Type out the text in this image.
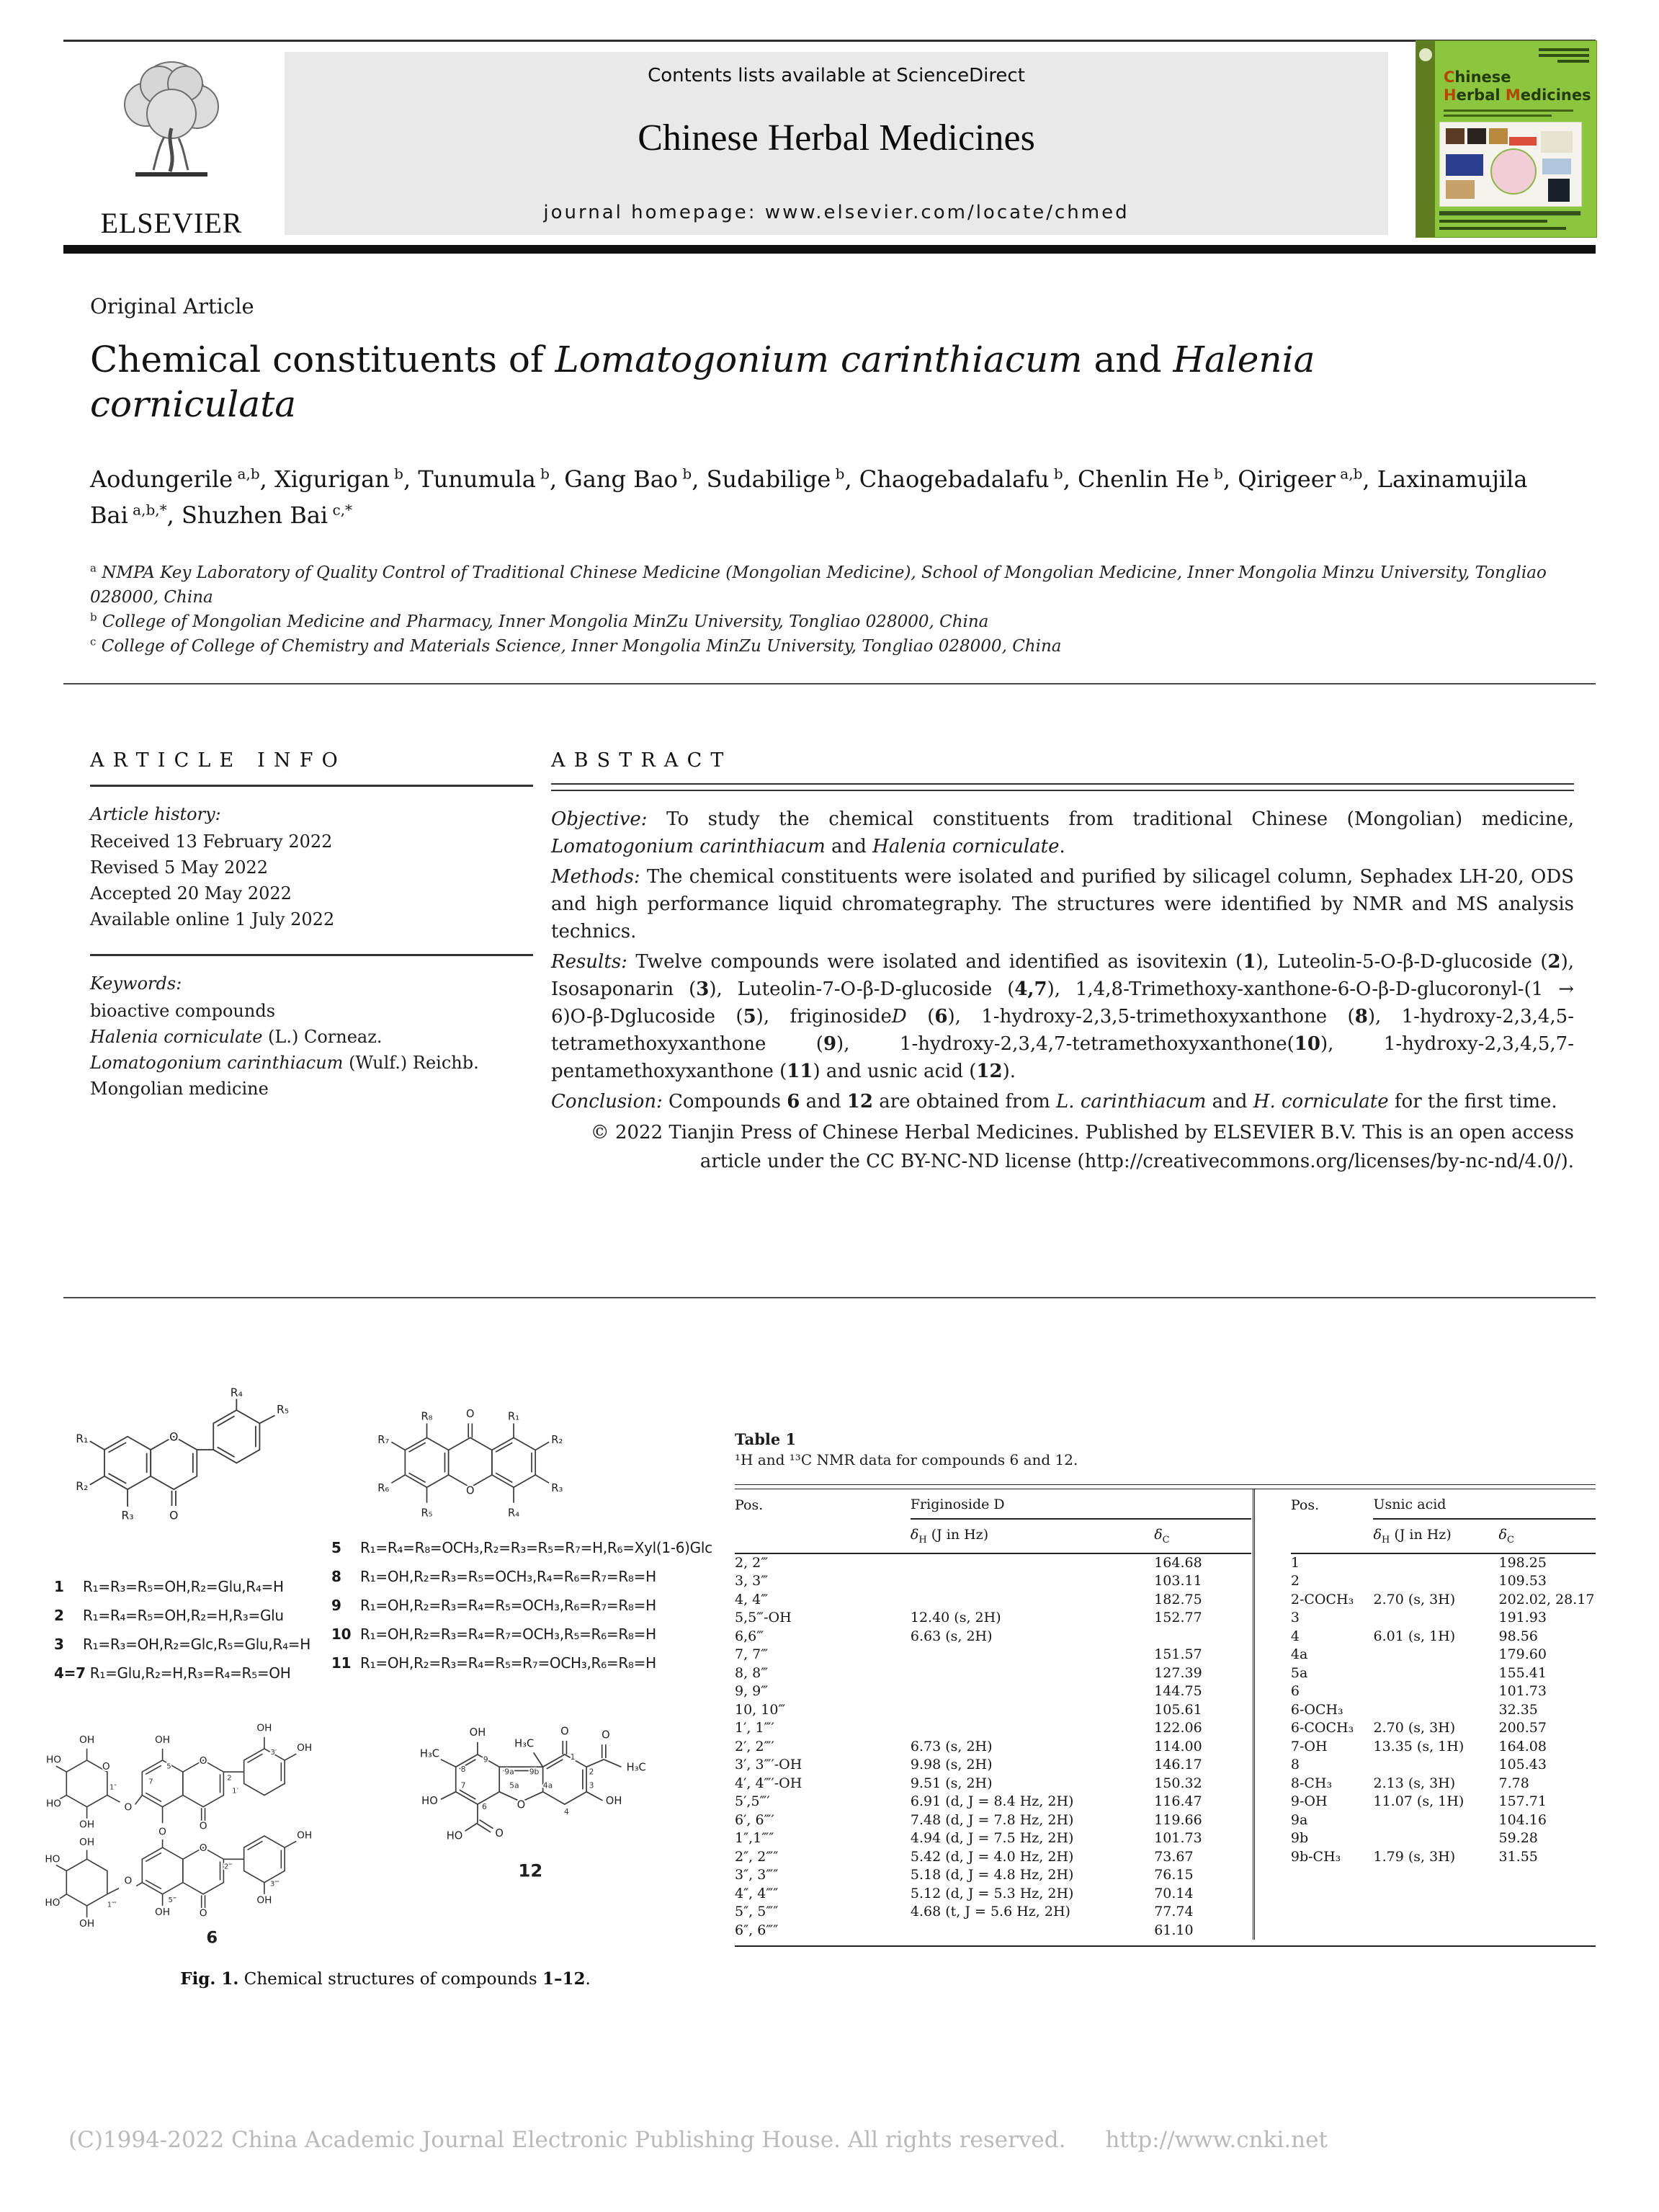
ELSEVIER
Contents lists available at ScienceDirect
Chinese Herbal Medicines
journal homepage: www.elsevier.com/locate/chmed
Chinese
Herbal Medicines
Original Article
Chemical constituents of Lomatogonium carinthiacum and Halenia corniculata
Aodungerile $^{a,b}$, Xigurigan $^b$, Tunumula $^b$, Gang Bao $^b$, Sudabilige $^b$, Chaogebadalafu $^b$, Chenlin He $^b$, Qirigeer $^{a,b}$, Laxinamujila Bai $^{a,b,*}$, Shuzhen Bai $^{c,*}$
$^a$ NMPA Key Laboratory of Quality Control of Traditional Chinese Medicine (Mongolian Medicine), School of Mongolian Medicine, Inner Mongolia Minzu University, Tongliao 028000, China
$^b$ College of Mongolian Medicine and Pharmacy, Inner Mongolia MinZu University, Tongliao 028000, China
$^c$ College of College of Chemistry and Materials Science, Inner Mongolia MinZu University, Tongliao 028000, China
ARTICLE INFO
Article history:
Received 13 February 2022
Revised 5 May 2022
Accepted 20 May 2022
Available online 1 July 2022
Keywords:
bioactive compounds
Halenia corniculate (L.) Corneaz.
Lomatogonium carinthiacum (Wulf.) Reichb.
Mongolian medicine
ABSTRACT

Objective: To study the chemical constituents from traditional Chinese (Mongolian) medicine, Lomatogonium carinthiacum and Halenia corniculate.

Methods: The chemical constituents were isolated and purified by silicagel column, Sephadex LH-20, ODS and high performance liquid chromategraphy. The structures were identified by NMR and MS analysis technics.

Results: Twelve compounds were isolated and identified as isovitexin (1), Luteolin-5-O-β-D-glucoside (2), Isosaponarin (3), Luteolin-7-O-β-D-glucoside (4,7), 1,4,8-Trimethoxy-xanthone-6-O-β-D-glucoronyl-(1 → 6)O-β-Dglucoside (5), friginosideD (6), 1-hydroxy-2,3,5-trimethoxyxanthone (8), 1-hydroxy-2,3,4,5-tetramethoxyxanthone (9), 1-hydroxy-2,3,4,7-tetramethoxyxanthone(10), 1-hydroxy-2,3,4,5,7-pentamethoxyxanthone (11) and usnic acid (12).

Conclusion: Compounds 6 and 12 are obtained from L. carinthiacum and H. corniculate for the first time.

© 2022 Tianjin Press of Chinese Herbal Medicines. Published by ELSEVIER B.V. This is an open access article under the CC BY-NC-ND license (http://creativecommons.org/licenses/by-nc-nd/4.0/).

R₁
R₂
R₃
R₄
R₅
O
O
R₇
R₈
R₆
R₅
R₁
R₂
R₃
R₄
O
O
1 R₁=R₃=R₅=OH,R₂=Glu,R₄=H
2 R₁=R₄=R₅=OH,R₂=H,R₃=Glu
3 R₁=R₃=OH,R₂=Glc,R₅=Glu,R₄=H
4=7 R₁=Glu,R₂=H,R₃=R₄=R₅=OH
5 R₁=R₄=R₈=OCH₃,R₂=R₃=R₅=R₇=H,R₆=Xyl(1-6)Glc
8 R₁=OH,R₂=R₃=R₅=OCH₃,R₄=R₆=R₇=R₈=H
9 R₁=OH,R₂=R₃=R₄=R₅=OCH₃,R₆=R₇=R₈=H
10 R₁=OH,R₂=R₃=R₄=R₇=OCH₃,R₅=R₆=R₈=H
11 R₁=OH,R₂=R₃=R₄=R₅=R₇=OCH₃,R₆=R₈=H
OH
HO
HO
OH
O
O
1″
OH
5
7
O
O
2
1′
OH
3′ OH
O
O
O
OH
5‴
2‴
OH
OH
3⁗
OH
HO
HO
OH
O
1⁗
6
OH
9
H₃C
8
HO
7
HO	O
6
O
1
H₃C
9b
9a
O
H₃C
2
OH
3
4
4a
5a
O
12
Fig. 1. Chemical structures of compounds 1–12.
Table 1
¹H and ¹³C NMR data for compounds 6 and 12.
Pos.	Friginoside D	
	$\delta_H$ (J in Hz)	$\delta_C$
2, 2‴		164.68
3, 3‴		103.11
4, 4‴		182.75
5,5‴-OH	12.40 (s, 2H)	152.77
6,6‴	6.63 (s, 2H)	
7, 7‴		151.57
8, 8‴		127.39
9, 9‴		144.75
10, 10‴		105.61
1′, 1‴′		122.06
2′, 2‴′	6.73 (s, 2H)	114.00
3′, 3‴′-OH	9.98 (s, 2H)	146.17
4′, 4‴′-OH	9.51 (s, 2H)	150.32
5′,5‴′	6.91 (d, J = 8.4 Hz, 2H)	116.47
6′, 6‴′	7.48 (d, J = 7.8 Hz, 2H)	119.66
1″,1‴″	4.94 (d, J = 7.5 Hz, 2H)	101.73
2″, 2‴″	5.42 (d, J = 4.0 Hz, 2H)	73.67
3″, 3‴″	5.18 (d, J = 4.8 Hz, 2H)	76.15
4″, 4‴″	5.12 (d, J = 5.3 Hz, 2H)	70.14
5″, 5‴″	4.68 (t, J = 5.6 Hz, 2H)	77.74
6″, 6‴″		61.10
Pos.	Usnic acid	
	$\delta_H$ (J in Hz)	$\delta_C$
1		198.25
2		109.53
2-COCH₃	2.70 (s, 3H)	202.02, 28.17
3		191.93
4	6.01 (s, 1H)	98.56
4a		179.60
5a		155.41
6		101.73
6-OCH₃		32.35
6-COCH₃	2.70 (s, 3H)	200.57
7-OH	13.35 (s, 1H)	164.08
8		105.43
8-CH₃	2.13 (s, 3H)	7.78
9-OH	11.07 (s, 1H)	157.71
9a		104.16
9b		59.28
9b-CH₃	1.79 (s, 3H)	31.55
(C)1994-2022 China Academic Journal Electronic Publishing House. All rights reserved. http://www.cnki.net
